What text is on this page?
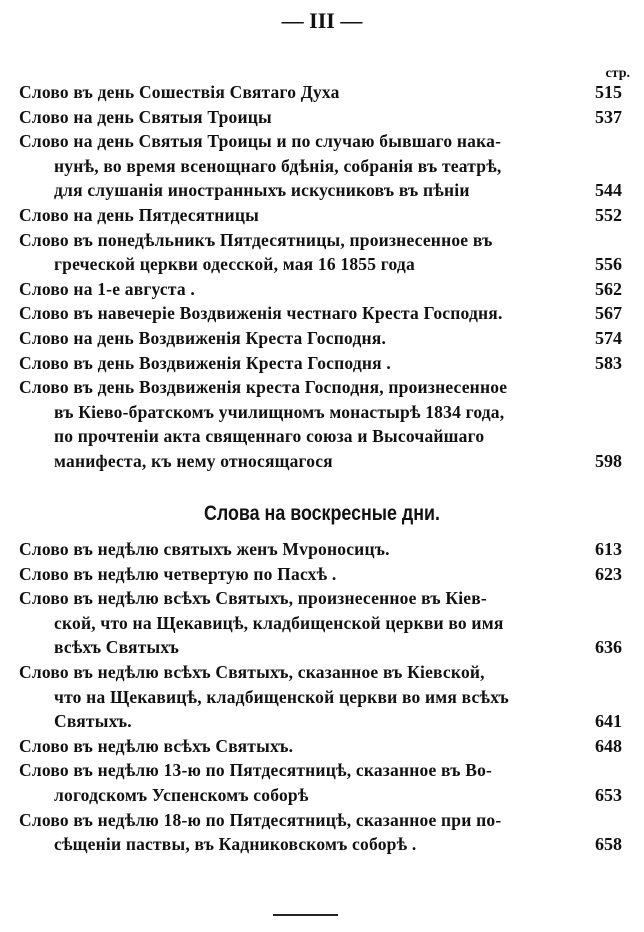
— III —
стр.
Слово въ день Сошествія Святаго Духа	515
Слово на день Святыя Троицы	537
Слово на день Святыя Троицы и по случаю бывшаго нака-
нунѣ, во время всенощнаго бдѣнія, собранія въ театрѣ,
для слушанія иностранныхъ искусниковъ въ пѣніи	544
Слово на день Пятдесятницы	552
Слово въ понедѣльникъ Пятдесятницы, произнесенное въ
греческой церкви одесской, мая 16 1855 года	556
Слово на 1-е августа .	562
Слово въ навечеріе Воздвиженія честнаго Креста Господня.	567
Слово на день Воздвиженія Креста Господня.	574
Слово въ день Воздвиженія Креста Господня .	583
Слово въ день Воздвиженія креста Господня, произнесенное
въ Кіево-братскомъ училищномъ монастырѣ 1834 года,
по прочтеніи акта священнаго союза и Высочайшаго
манифеста, къ нему относящагося	598
Слова на воскресные дни.
Слово въ недѣлю святыхъ женъ Мvроносицъ.	613
Слово въ недѣлю четвертую по Пасхѣ .	623
Слово въ недѣлю всѣхъ Святыхъ, произнесенное въ Кіев-
ской, что на Щекавицѣ, кладбищенской церкви во имя
всѣхъ Святыхъ	636
Слово въ недѣлю всѣхъ Святыхъ, сказанное въ Кіевской,
что на Щекавицѣ, кладбищенской церкви во имя всѣхъ
Святыхъ.	641
Слово въ недѣлю всѣхъ Святыхъ.	648
Слово въ недѣлю 13-ю по Пятдесятницѣ, сказанное въ Во-
логодскомъ Успенскомъ соборѣ	653
Слово въ недѣлю 18-ю по Пятдесятницѣ, сказанное при по-
сѣщеніи паствы, въ Кадниковскомъ соборѣ .	658
